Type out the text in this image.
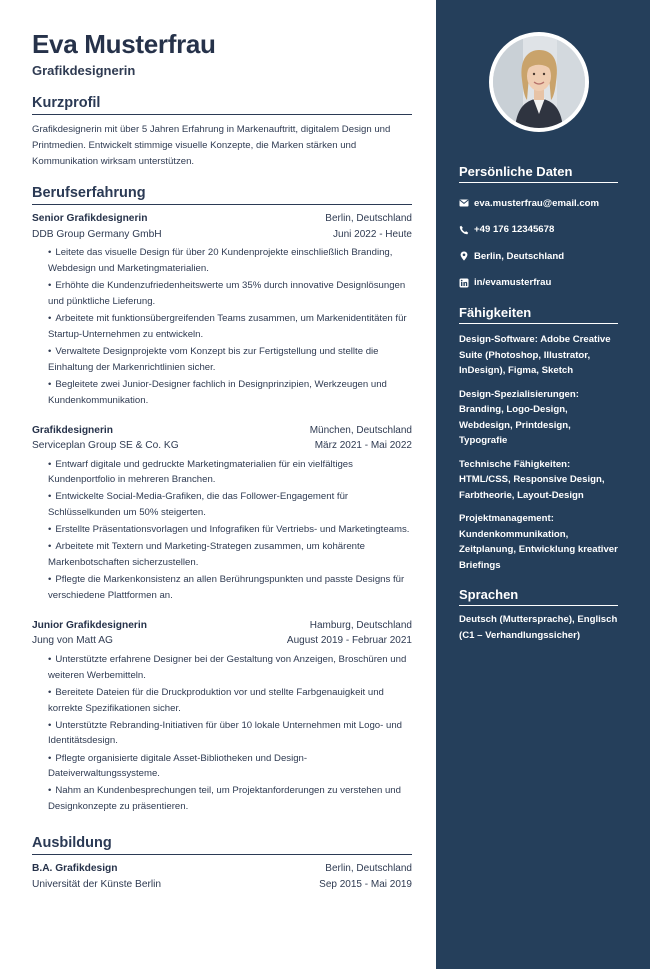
Eva Musterfrau
Grafikdesignerin
Kurzprofil

Grafikdesignerin mit über 5 Jahren Erfahrung in Markenauftritt, digitalem Design und Printmedien. Entwickelt stimmige visuelle Konzepte, die Marken stärken und Kommunikation wirksam unterstützen.

Berufserfahrung
Senior Grafikdesignerin	Berlin, Deutschland
DDB Group Germany GmbH	Juni 2022 - Heute
• Leitete das visuelle Design für über 20 Kundenprojekte einschließlich Branding, Webdesign und Marketingmaterialien.
• Erhöhte die Kundenzufriedenheitswerte um 35% durch innovative Designlösungen und pünktliche Lieferung.
• Arbeitete mit funktionsübergreifenden Teams zusammen, um Markenidentitäten für Startup-Unternehmen zu entwickeln.
• Verwaltete Designprojekte vom Konzept bis zur Fertigstellung und stellte die Einhaltung der Markenrichtlinien sicher.
• Begleitete zwei Junior-Designer fachlich in Designprinzipien, Werkzeugen und Kundenkommunikation.
Grafikdesignerin	München, Deutschland
Serviceplan Group SE & Co. KG	März 2021 - Mai 2022
• Entwarf digitale und gedruckte Marketingmaterialien für ein vielfältiges Kundenportfolio in mehreren Branchen.
• Entwickelte Social-Media-Grafiken, die das Follower-Engagement für Schlüsselkunden um 50% steigerten.
• Erstellte Präsentationsvorlagen und Infografiken für Vertriebs- und Marketingteams.
• Arbeitete mit Textern und Marketing-Strategen zusammen, um kohärente Markenbotschaften sicherzustellen.
• Pflegte die Markenkonsistenz an allen Berührungspunkten und passte Designs für verschiedene Plattformen an.
Junior Grafikdesignerin	Hamburg, Deutschland
Jung von Matt AG	August 2019 - Februar 2021
• Unterstützte erfahrene Designer bei der Gestaltung von Anzeigen, Broschüren und weiteren Werbemitteln.
• Bereitete Dateien für die Druckproduktion vor und stellte Farbgenauigkeit und korrekte Spezifikationen sicher.
• Unterstützte Rebranding-Initiativen für über 10 lokale Unternehmen mit Logo- und Identitätsdesign.
• Pflegte organisierte digitale Asset-Bibliotheken und Design-Dateiverwaltungssysteme.
• Nahm an Kundenbesprechungen teil, um Projektanforderungen zu verstehen und Designkonzepte zu präsentieren.
Ausbildung
B.A. Grafikdesign	Berlin, Deutschland
Universität der Künste Berlin	Sep 2015 - Mai 2019
Persönliche Daten
eva.musterfrau@email.com
+49 176 12345678
Berlin, Deutschland
in/evamusterfrau
Fähigkeiten
Design-Software: Adobe Creative Suite (Photoshop, Illustrator, InDesign), Figma, Sketch
Design-Spezialisierungen: Branding, Logo-Design, Webdesign, Printdesign, Typografie
Technische Fähigkeiten: HTML/CSS, Responsive Design, Farbtheorie, Layout-Design
Projektmanagement: Kundenkommunikation, Zeitplanung, Entwicklung kreativer Briefings
Sprachen
Deutsch (Muttersprache), Englisch (C1 – Verhandlungssicher)
